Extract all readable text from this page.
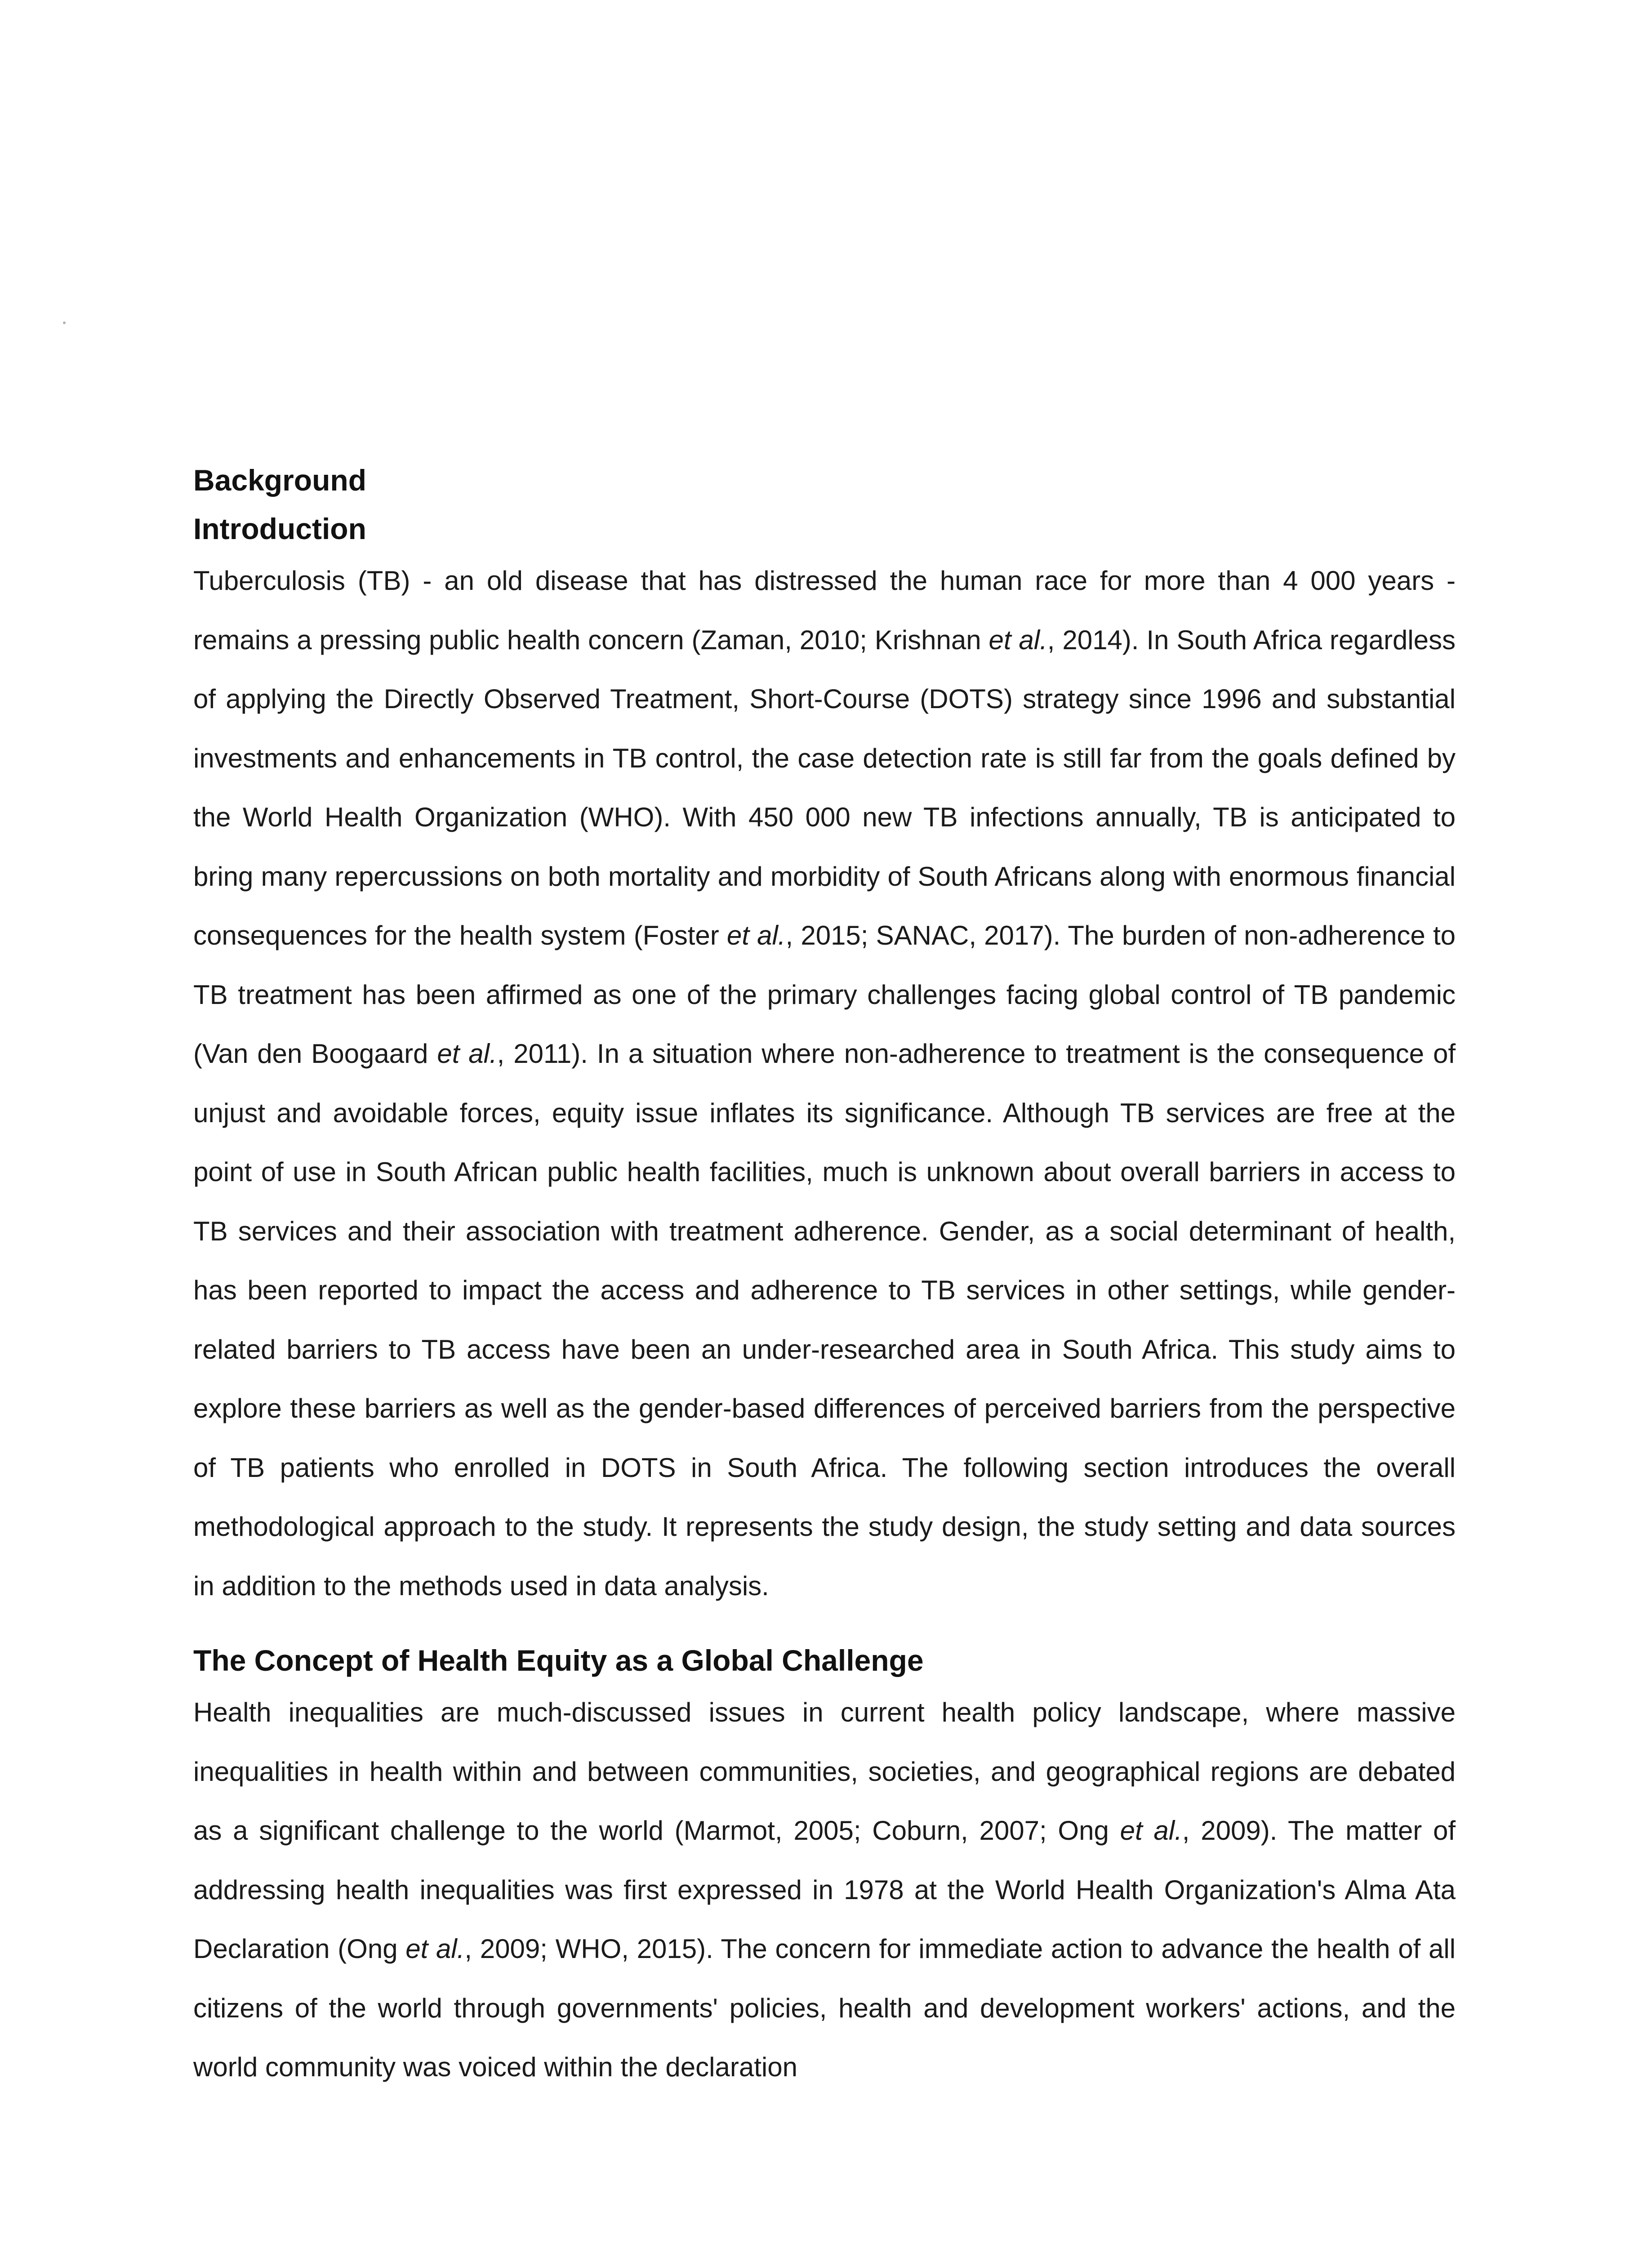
Background
Introduction

Tuberculosis (TB) - an old disease that has distressed the human race for more than 4 000 years - remains a pressing public health concern (Zaman, 2010; Krishnan et al., 2014). In South Africa regardless of applying the Directly Observed Treatment, Short-Course (DOTS) strategy since 1996 and substantial investments and enhancements in TB control, the case detection rate is still far from the goals defined by the World Health Organization (WHO). With 450 000 new TB infections annually, TB is anticipated to bring many repercussions on both mortality and morbidity of South Africans along with enormous financial consequences for the health system (Foster et al., 2015; SANAC, 2017). The burden of non-adherence to TB treatment has been affirmed as one of the primary challenges facing global control of TB pandemic (Van den Boogaard et al., 2011). In a situation where non-adherence to treatment is the consequence of unjust and avoidable forces, equity issue inflates its significance. Although TB services are free at the point of use in South African public health facilities, much is unknown about overall barriers in access to TB services and their association with treatment adherence. Gender, as a social determinant of health, has been reported to impact the access and adherence to TB services in other settings, while gender-related barriers to TB access have been an under-researched area in South Africa. This study aims to explore these barriers as well as the gender-based differences of perceived barriers from the perspective of TB patients who enrolled in DOTS in South Africa. The following section introduces the overall methodological approach to the study. It represents the study design, the study setting and data sources in addition to the methods used in data analysis.

The Concept of Health Equity as a Global Challenge

Health inequalities are much-discussed issues in current health policy landscape, where massive inequalities in health within and between communities, societies, and geographical regions are debated as a significant challenge to the world (Marmot, 2005; Coburn, 2007; Ong et al., 2009). The matter of addressing health inequalities was first expressed in 1978 at the World Health Organization's Alma Ata Declaration (Ong et al., 2009; WHO, 2015). The concern for immediate action to advance the health of all citizens of the world through governments' policies, health and development workers' actions, and the world community was voiced within the declaration
